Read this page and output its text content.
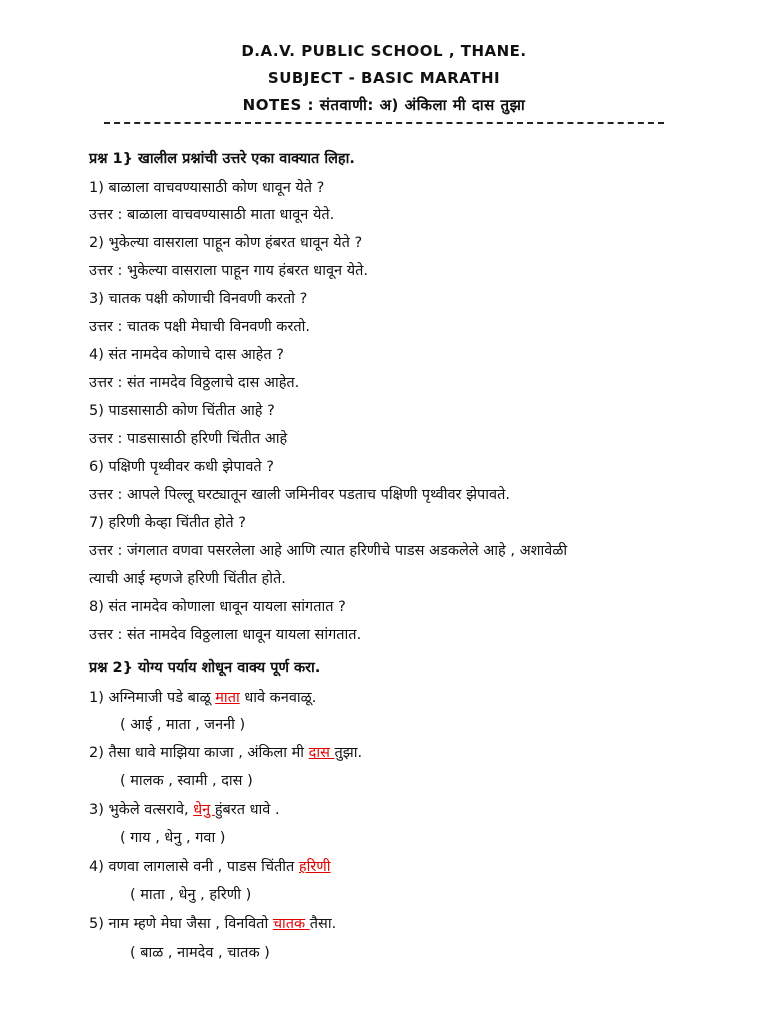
D.A.V. PUBLIC SCHOOL , THANE.
SUBJECT - BASIC MARATHI
NOTES : संतवाणी: अ) अंकिला मी दास तुझा
प्रश्न 1} खालील प्रश्नांची उत्तरे एका वाक्यात लिहा.
1) बाळाला वाचवण्यासाठी कोण धावून येते ?
उत्तर : बाळाला वाचवण्यासाठी माता धावून येते.
2) भुकेल्या वासराला पाहून कोण हंबरत धावून येते ?
उत्तर : भुकेल्या वासराला पाहून गाय हंबरत धावून येते.
3) चातक पक्षी कोणाची विनवणी करतो ?
उत्तर : चातक पक्षी मेघाची विनवणी करतो.
4) संत नामदेव कोणाचे दास आहेत ?
उत्तर : संत नामदेव विठ्ठलाचे दास आहेत.
5) पाडसासाठी कोण चिंतीत आहे ?
उत्तर : पाडसासाठी हरिणी चिंतीत आहे
6) पक्षिणी पृथ्वीवर कधी झेपावते ?
उत्तर : आपले पिल्लू घरट्यातून खाली जमिनीवर पडताच पक्षिणी पृथ्वीवर झेपावते.
7) हरिणी केव्हा चिंतीत होते ?
उत्तर : जंगलात वणवा पसरलेला आहे आणि त्यात हरिणीचे पाडस अडकलेले आहे , अशावेळी
त्याची आई म्हणजे हरिणी चिंतीत होते.
8) संत नामदेव कोणाला धावून यायला सांगतात ?
उत्तर : संत नामदेव विठ्ठलाला धावून यायला सांगतात.
प्रश्न 2} योग्य पर्याय शोधून वाक्य पूर्ण करा.
1) अग्निमाजी पडे बाळू माता धावे कनवाळू.
( आई , माता , जननी )
2) तैसा धावे माझिया काजा , अंकिला मी दास तुझा.
( मालक , स्वामी , दास )
3) भुकेले वत्सरावे, धेनु हुंबरत धावे .
( गाय , धेनु , गवा )
4) वणवा लागलासे वनी , पाडस चिंतीत हरिणी
( माता , धेनु , हरिणी )
5) नाम म्हणे मेघा जैसा , विनवितो चातक तैसा.
( बाळ , नामदेव , चातक )
